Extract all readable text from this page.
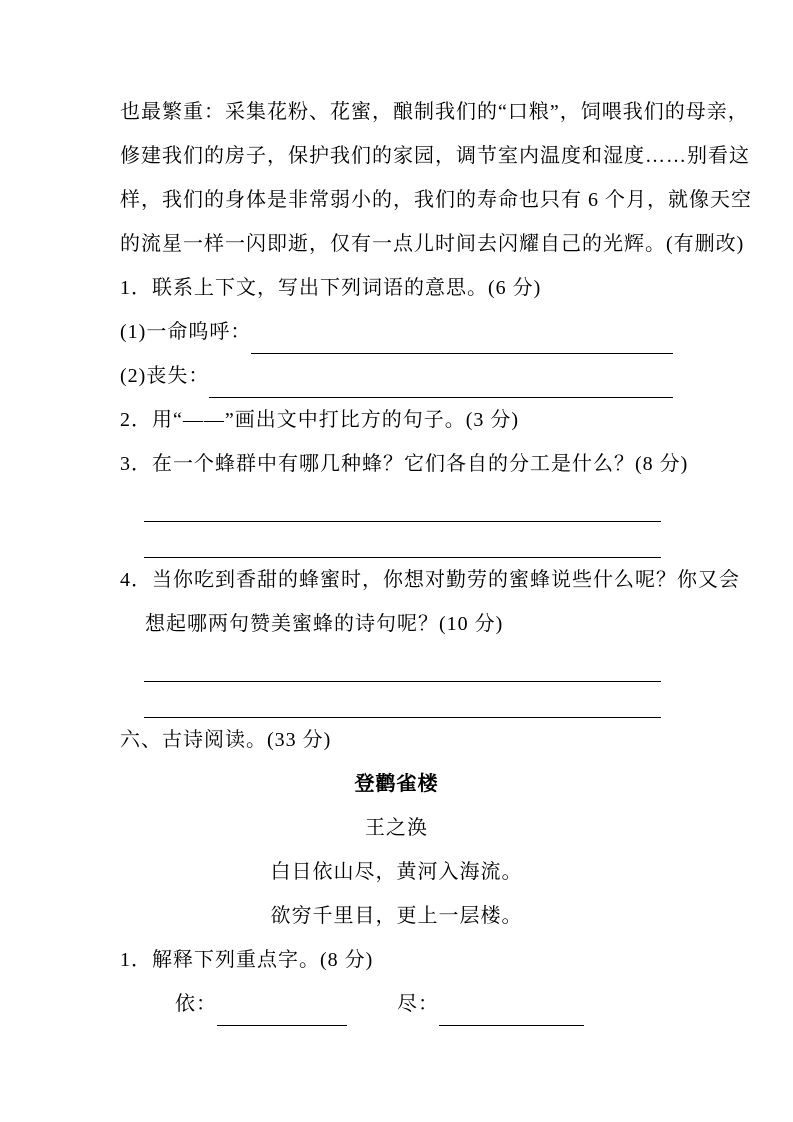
也最繁重：采集花粉、花蜜，酿制我们的“口粮”，饲喂我们的母亲，
修建我们的房子，保护我们的家园，调节室内温度和湿度……别看这
样，我们的身体是非常弱小的，我们的寿命也只有 6 个月，就像天空
的流星一样一闪即逝，仅有一点儿时间去闪耀自己的光辉。(有删改)
1．联系上下文，写出下列词语的意思。(6 分)
(1)一命呜呼：
(2)丧失：
2．用“——”画出文中打比方的句子。(3 分)
3．在一个蜂群中有哪几种蜂？它们各自的分工是什么？(8 分)
4．当你吃到香甜的蜂蜜时，你想对勤劳的蜜蜂说些什么呢？你又会
想起哪两句赞美蜜蜂的诗句呢？(10 分)
六、古诗阅读。(33 分)
登鹳雀楼
王之涣
白日依山尽，黄河入海流。
欲穷千里目，更上一层楼。
1．解释下列重点字。(8 分)
依：	尽：
